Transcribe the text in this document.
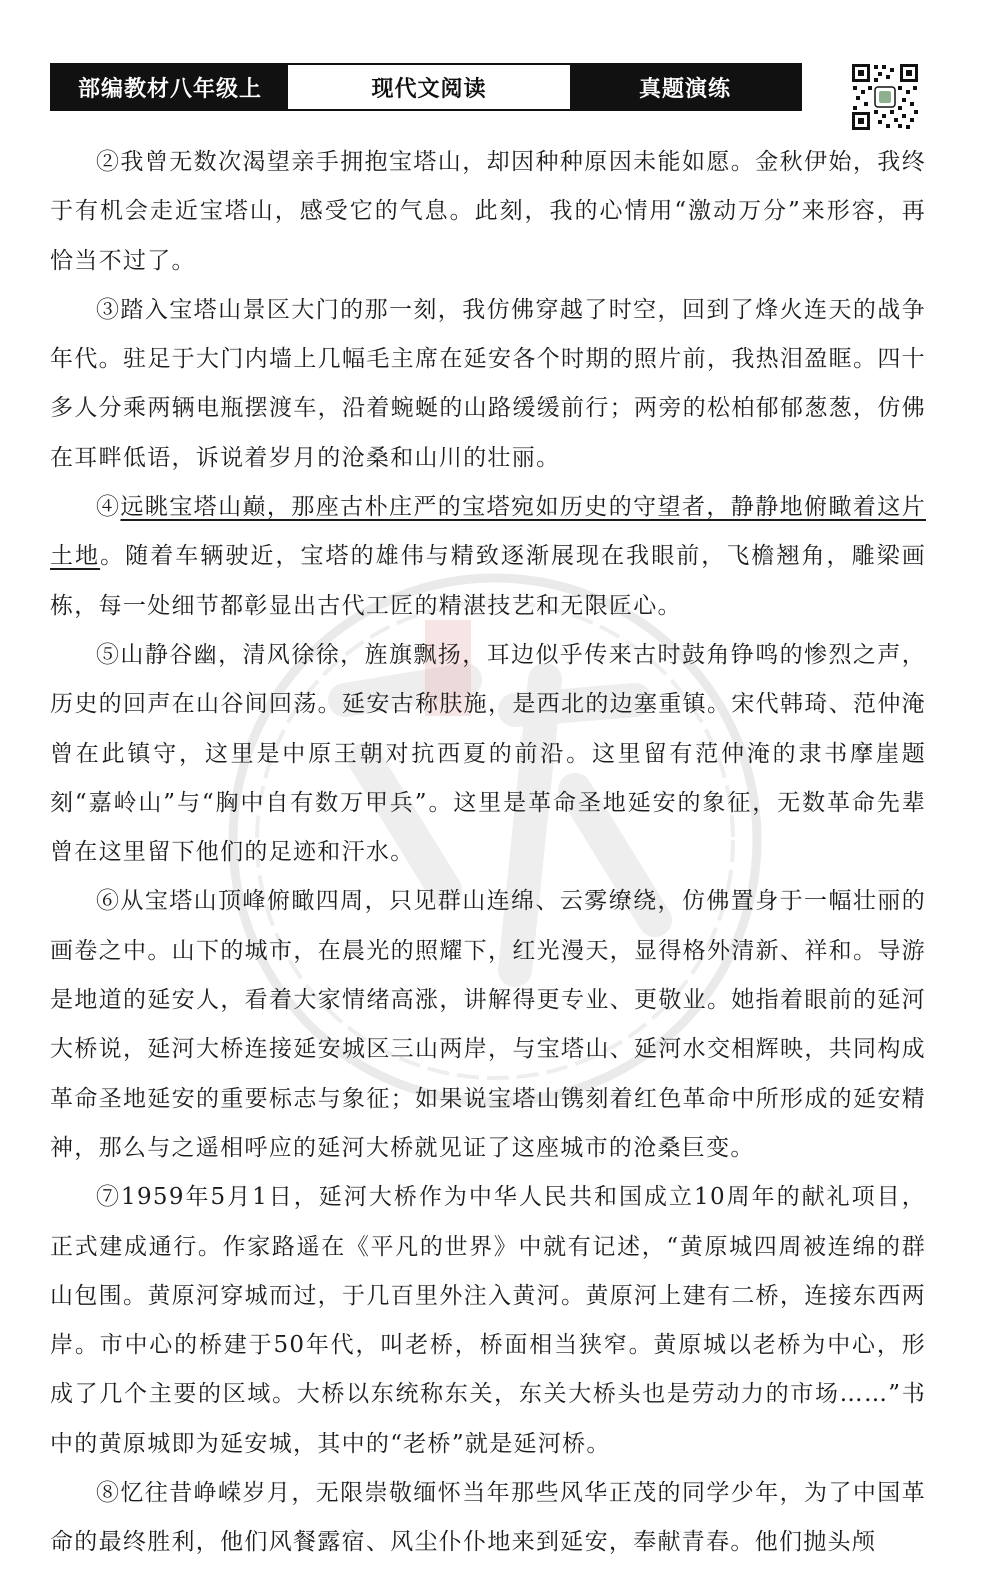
部编教材八年级上	现代文阅读	真题演练

②我曾无数次渴望亲手拥抱宝塔山，却因种种原因未能如愿。金秋伊始，我终于有机会走近宝塔山，感受它的气息。此刻，我的心情用“激动万分”来形容，再恰当不过了。

③踏入宝塔山景区大门的那一刻，我仿佛穿越了时空，回到了烽火连天的战争年代。驻足于大门内墙上几幅毛主席在延安各个时期的照片前，我热泪盈眶。四十多人分乘两辆电瓶摆渡车，沿着蜿蜒的山路缓缓前行；两旁的松柏郁郁葱葱，仿佛在耳畔低语，诉说着岁月的沧桑和山川的壮丽。

④远眺宝塔山巅，那座古朴庄严的宝塔宛如历史的守望者，静静地俯瞰着这片土地。随着车辆驶近，宝塔的雄伟与精致逐渐展现在我眼前，飞檐翘角，雕梁画栋，每一处细节都彰显出古代工匠的精湛技艺和无限匠心。

⑤山静谷幽，清风徐徐，旌旗飘扬，耳边似乎传来古时鼓角铮鸣的惨烈之声，历史的回声在山谷间回荡。延安古称肤施，是西北的边塞重镇。宋代韩琦、范仲淹曾在此镇守，这里是中原王朝对抗西夏的前沿。这里留有范仲淹的隶书摩崖题刻“嘉岭山”与“胸中自有数万甲兵”。这里是革命圣地延安的象征，无数革命先辈曾在这里留下他们的足迹和汗水。

⑥从宝塔山顶峰俯瞰四周，只见群山连绵、云雾缭绕，仿佛置身于一幅壮丽的画卷之中。山下的城市，在晨光的照耀下，红光漫天，显得格外清新、祥和。导游是地道的延安人，看着大家情绪高涨，讲解得更专业、更敬业。她指着眼前的延河大桥说，延河大桥连接延安城区三山两岸，与宝塔山、延河水交相辉映，共同构成革命圣地延安的重要标志与象征；如果说宝塔山镌刻着红色革命中所形成的延安精神，那么与之遥相呼应的延河大桥就见证了这座城市的沧桑巨变。

⑦1959年5月1日，延河大桥作为中华人民共和国成立10周年的献礼项目，正式建成通行。作家路遥在《平凡的世界》中就有记述，“黄原城四周被连绵的群山包围。黄原河穿城而过，于几百里外注入黄河。黄原河上建有二桥，连接东西两岸。市中心的桥建于50年代，叫老桥，桥面相当狭窄。黄原城以老桥为中心，形成了几个主要的区域。大桥以东统称东关，东关大桥头也是劳动力的市场……”书中的黄原城即为延安城，其中的“老桥”就是延河桥。

⑧忆往昔峥嵘岁月，无限崇敬缅怀当年那些风华正茂的同学少年，为了中国革命的最终胜利，他们风餐露宿、风尘仆仆地来到延安，奉献青春。他们抛头颅
